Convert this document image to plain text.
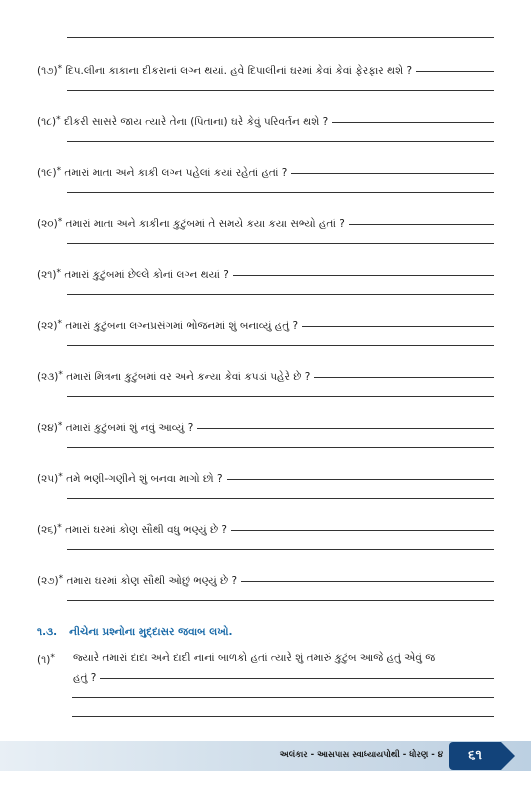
(૧૭)* દિપ.લીના કાકાના દીકરાનાં લગ્ન થયાં. હવે દિપાલીનાં ઘરમાં કેવાં કેવાં ફેરફાર થશે ?
(૧૮)* દીકરી સાસરે જાય ત્યારે તેના (પિતાના) ઘરે કેવું પરિવર્તન થશે ?
(૧૯)* તમારાં માતા અને કાકી લગ્ન પહેલાં કયાં રહેતાં હતાં ?
(૨૦)* તમારાં માતા અને કાકીના કુટુંબમાં તે સમયે કયા કયા સભ્યો હતાં ?
(૨૧)* તમારાં કુટુંબમાં છેલ્લે કોનાં લગ્ન થયાં ?
(૨૨)* તમારાં કુટુંબના લગ્નપ્રસંગમાં ભોજનમાં શું બનાવ્યું હતું ?
(૨૩)* તમારાં મિત્રના કુટુંબમાં વર અને કન્યા કેવાં કપડાં પહેરે છે ?
(૨૪)* તમારાં કુટુંબમાં શું નવું આવ્યું ?
(૨૫)* તમે ભણી-ગણીને શું બનવા માગો છો ?
(૨૬)* તમારાં ઘરમાં કોણ સૌથી વધુ ભણ્યું છે ?
(૨૭)* તમારા ઘરમાં કોણ સૌથી ઓછું ભણ્યું છે ?
૧.૩. નીચેના પ્રશ્નોના મુદ્દાસર જવાબ લખો.
(૧)* જ્યારે તમારાં દાદા અને દાદી નાનાં બાળકો હતાં ત્યારે શું તમારું કુટુંબ આજે હતું એવું જ
હતું ?
અલંકાર - આસપાસ સ્વાધ્યાયપોથી - ધોરણ - ૪	૬૧
